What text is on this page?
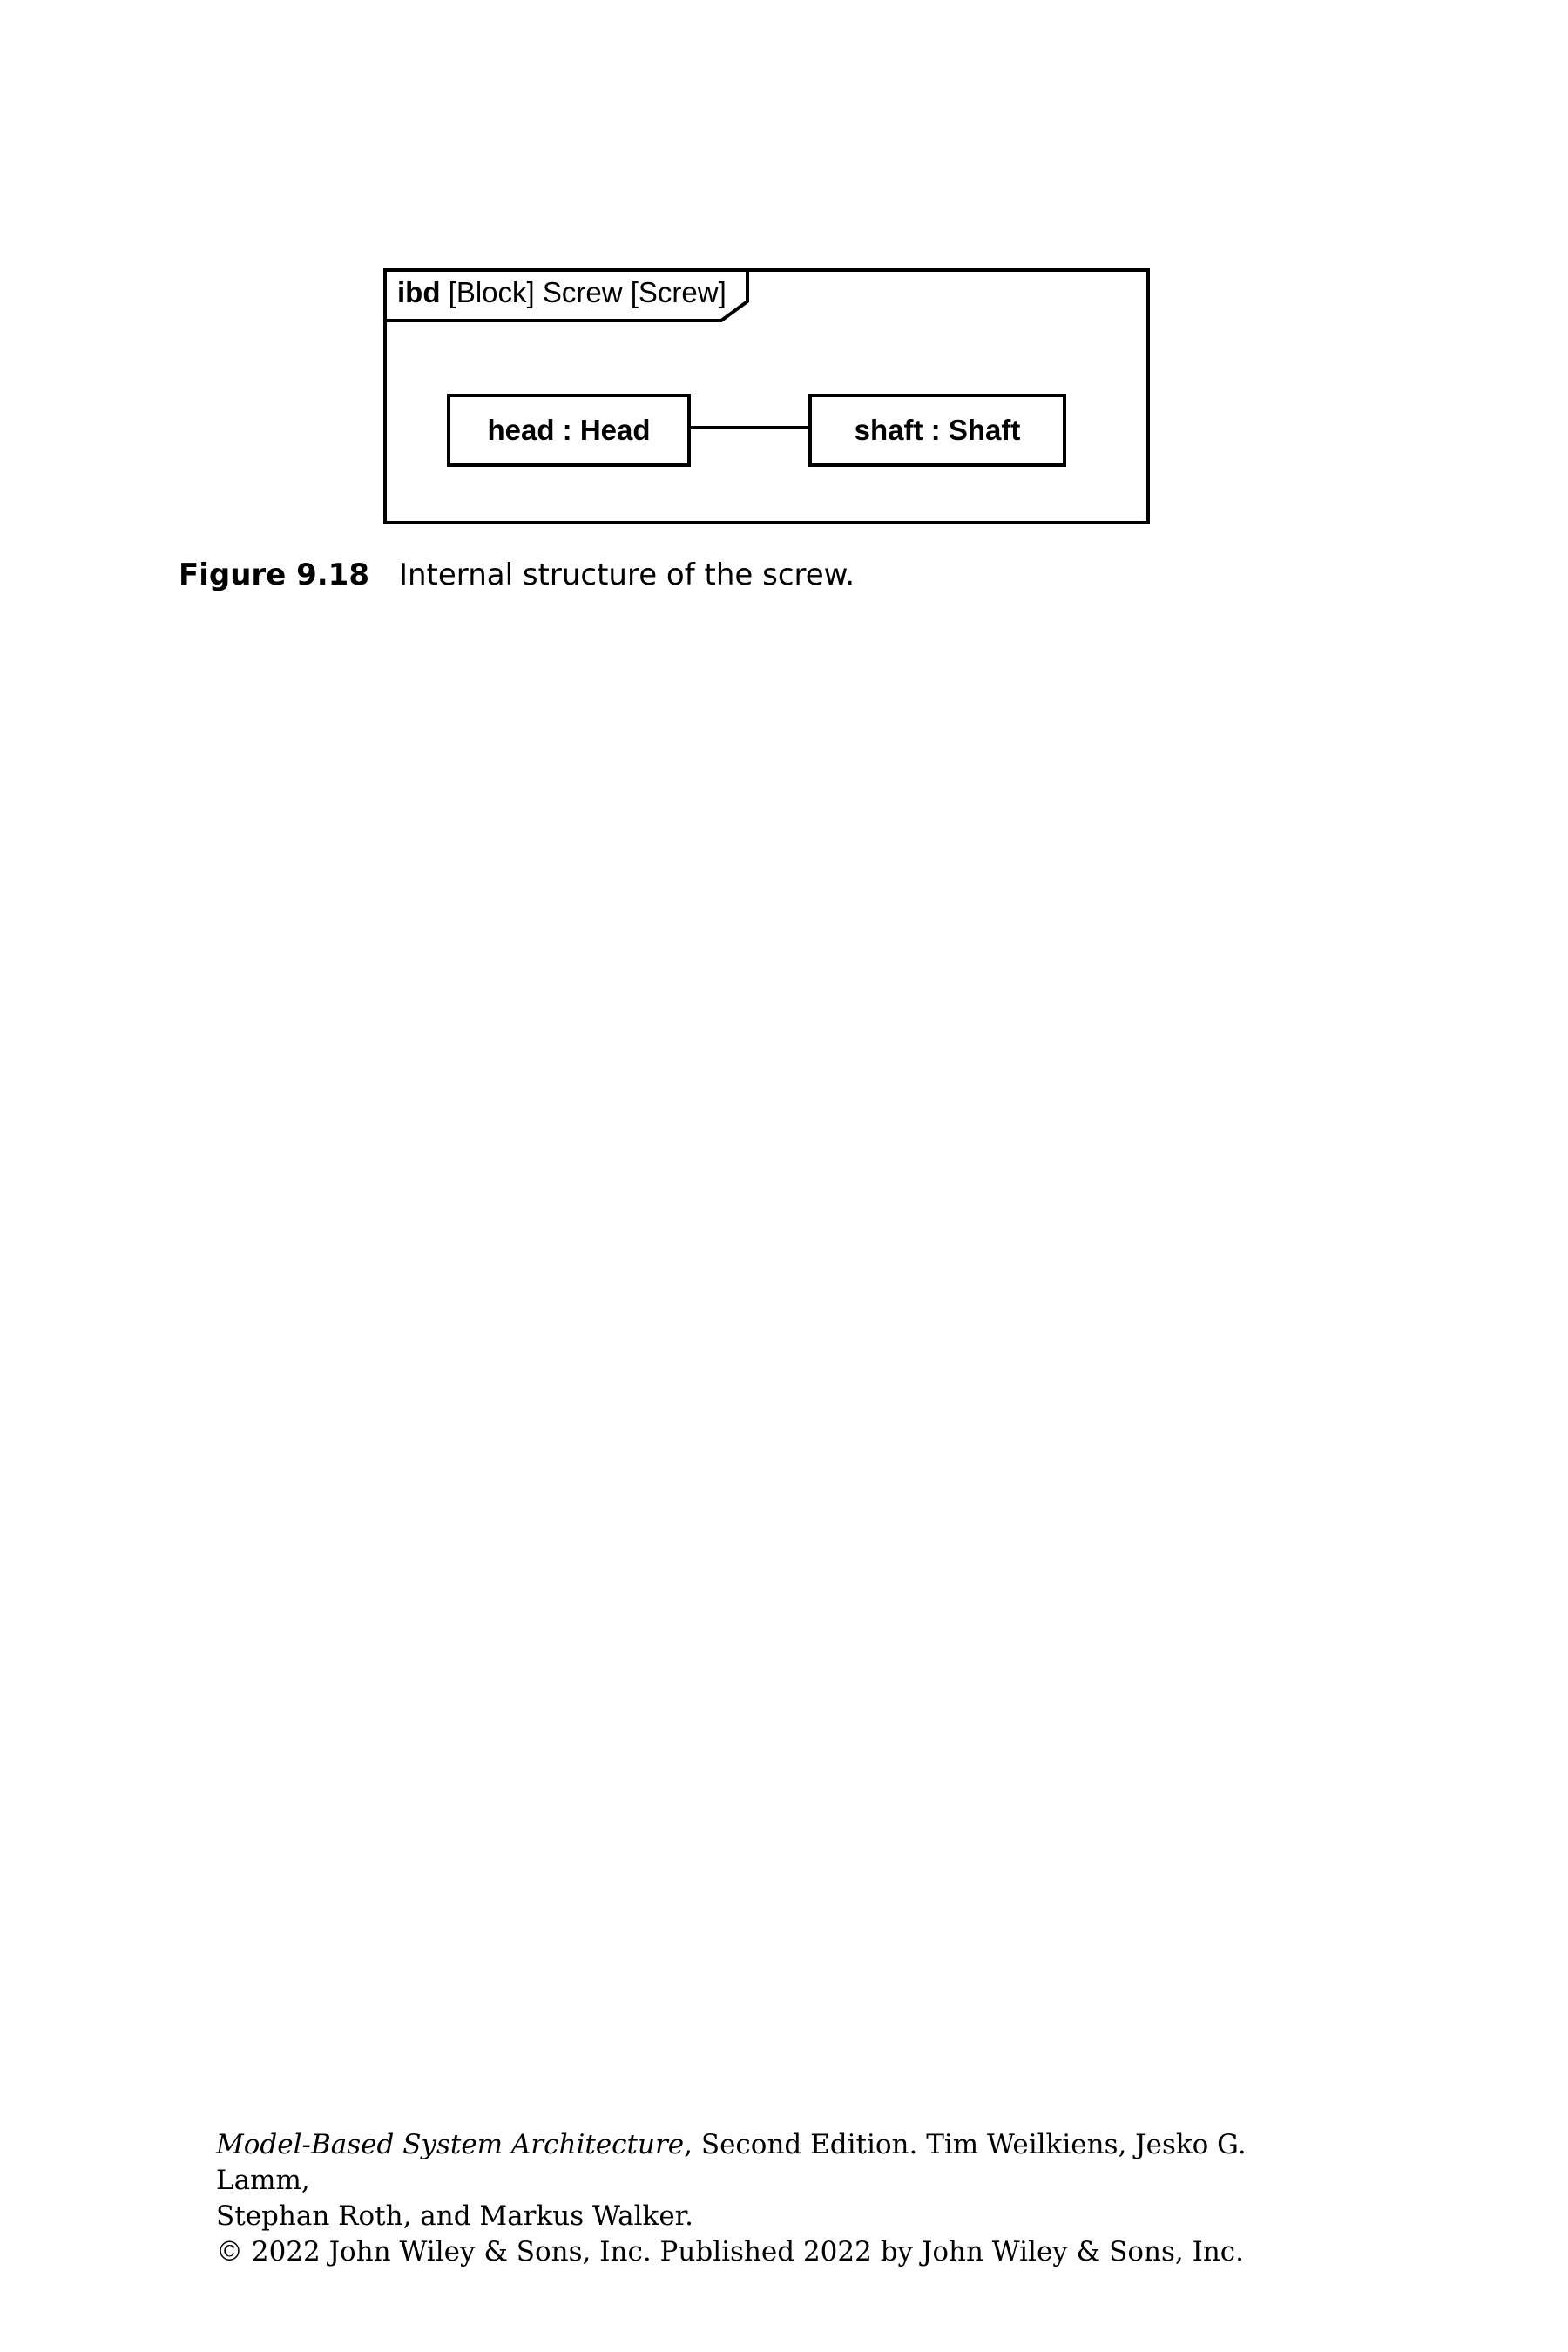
ibd [Block] Screw [Screw]
head : Head	shaft : Shaft
Figure 9.18 Internal structure of the screw.
Model-Based System Architecture, Second Edition. Tim Weilkiens, Jesko G. Lamm,
Stephan Roth, and Markus Walker.
© 2022 John Wiley & Sons, Inc. Published 2022 by John Wiley & Sons, Inc.
